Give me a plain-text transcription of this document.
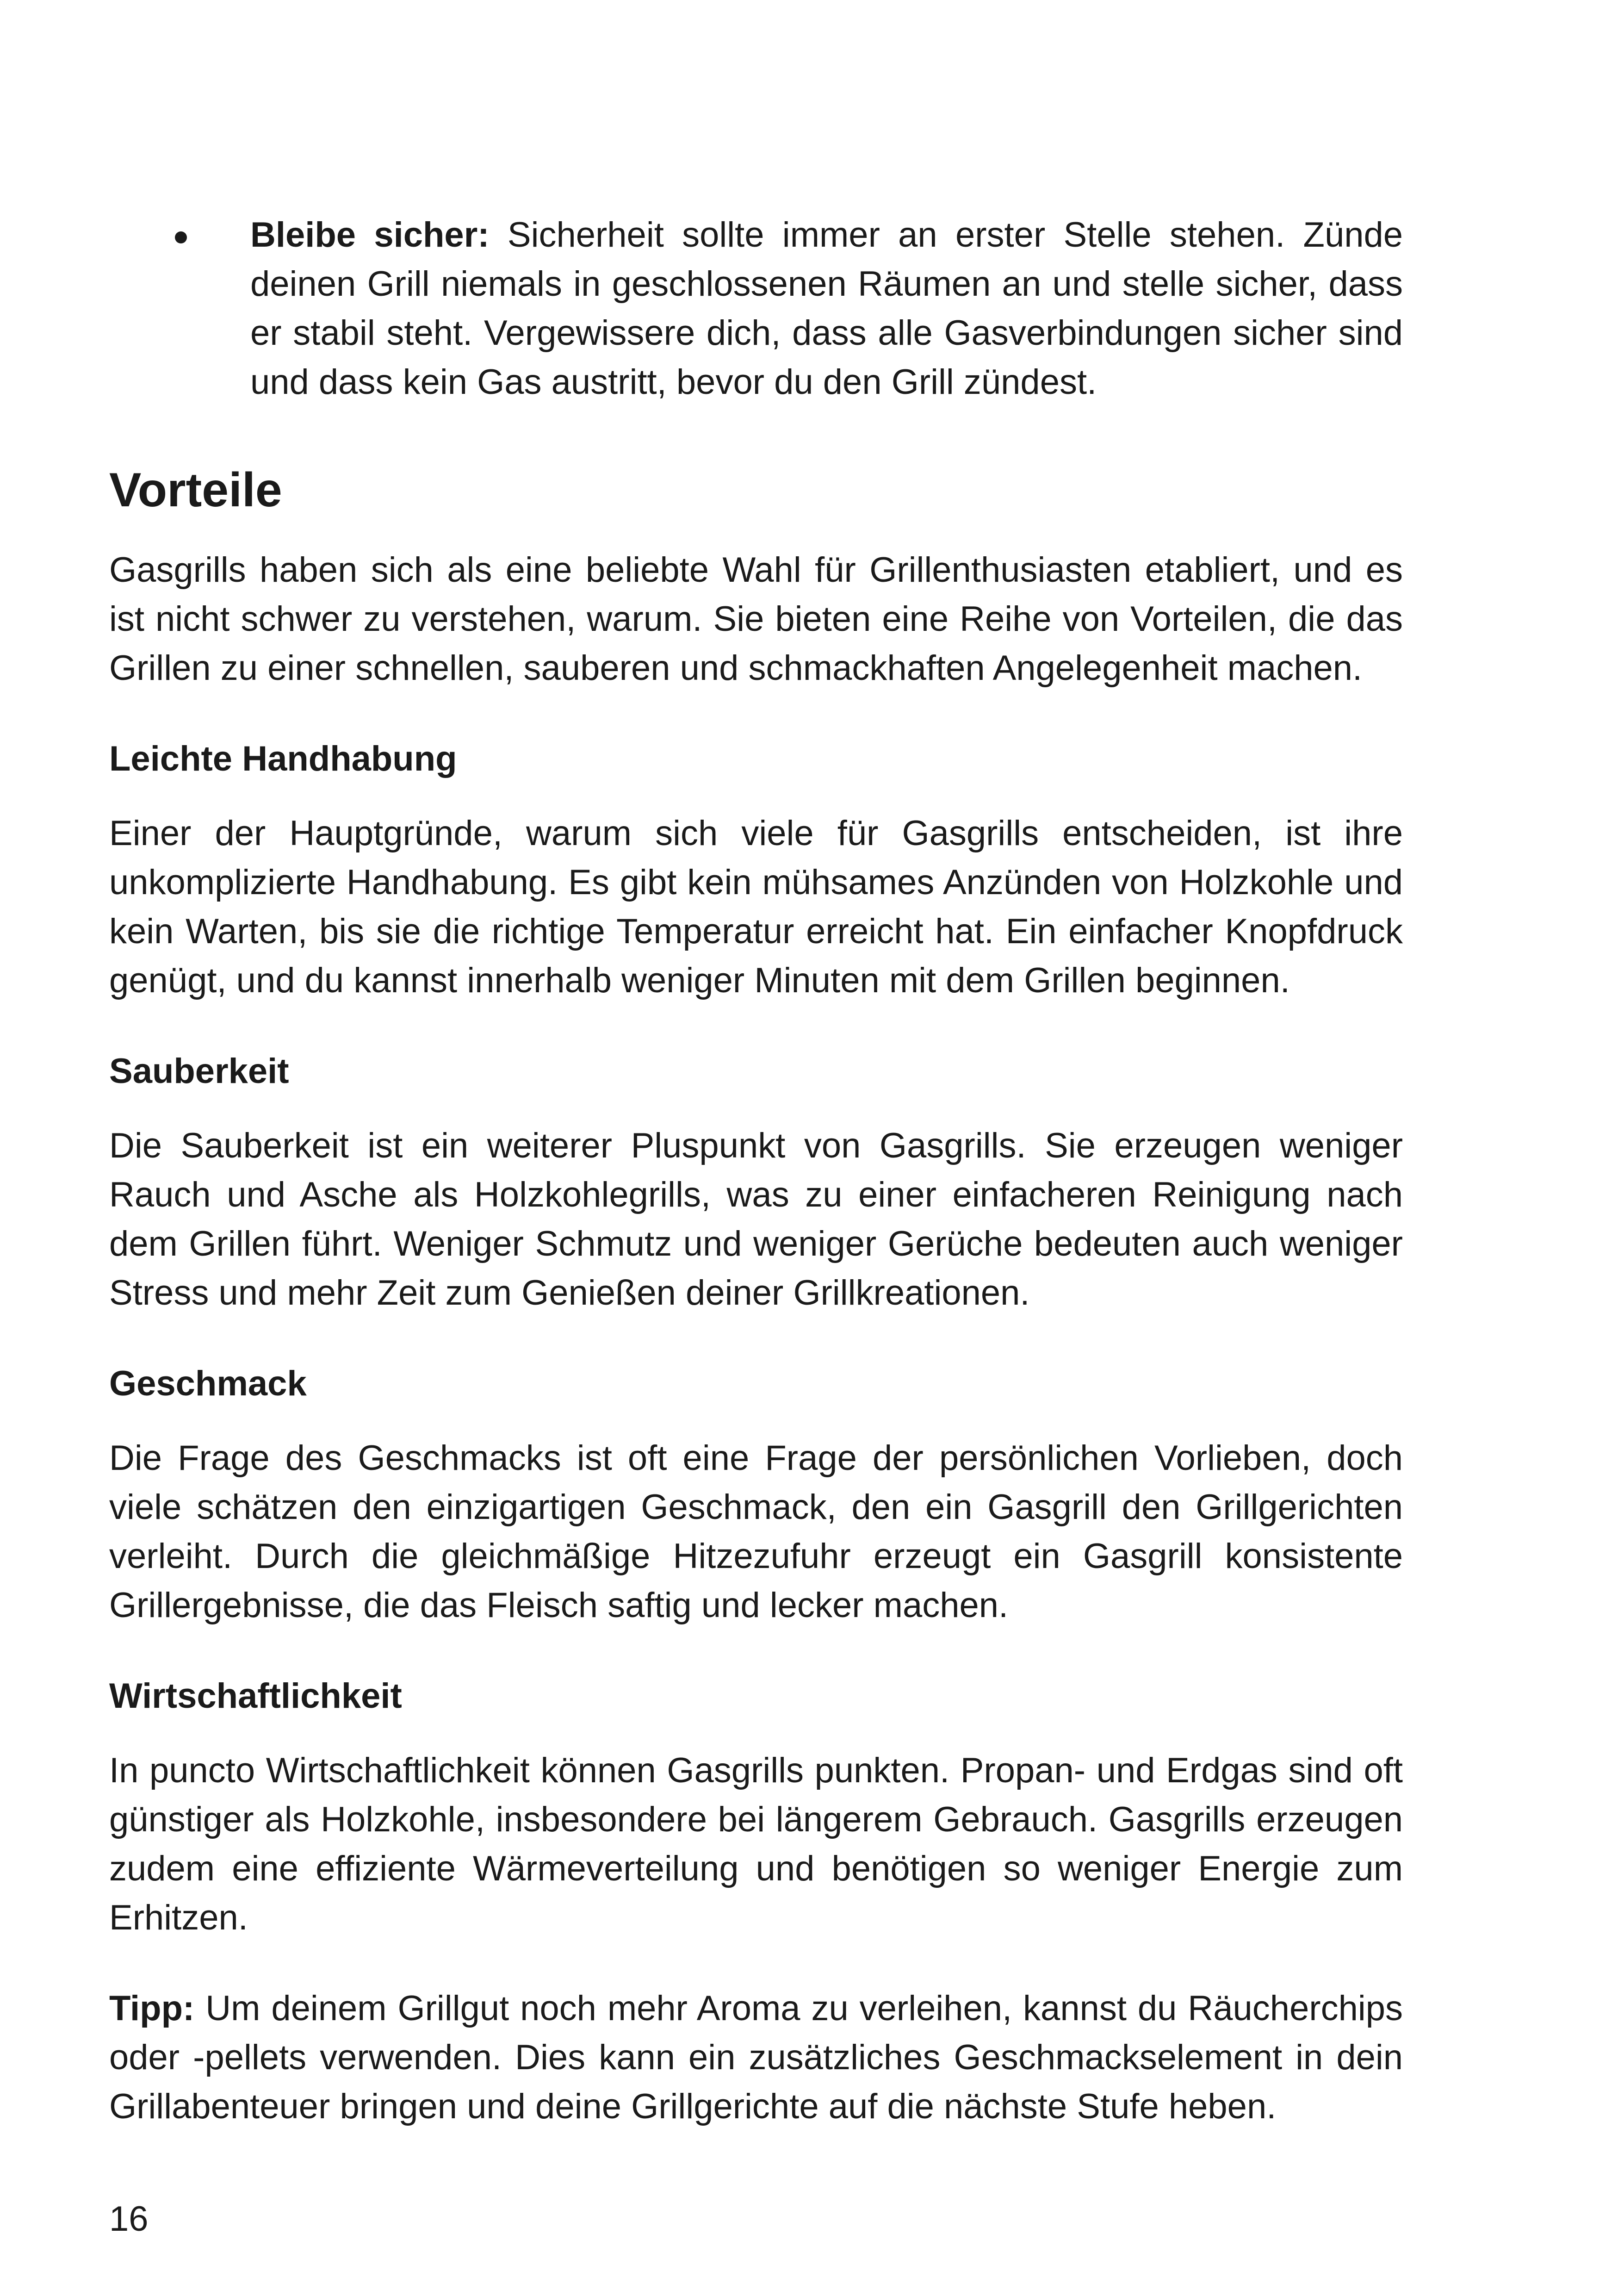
Bleibe sicher: Sicherheit sollte immer an erster Stelle stehen. Zünde deinen Grill niemals in geschlossenen Räumen an und stelle sicher, dass er stabil steht. Vergewissere dich, dass alle Gasverbindungen sicher sind und dass kein Gas austritt, bevor du den Grill zündest.

Vorteile

Gasgrills haben sich als eine beliebte Wahl für Grillenthusiasten etabliert, und es ist nicht schwer zu verstehen, warum. Sie bieten eine Reihe von Vorteilen, die das Grillen zu einer schnellen, sauberen und schmackhaften Angelegenheit machen.

Leichte Handhabung

Einer der Hauptgründe, warum sich viele für Gasgrills entscheiden, ist ihre unkomplizierte Handhabung. Es gibt kein mühsames Anzünden von Holzkohle und kein Warten, bis sie die richtige Temperatur erreicht hat. Ein einfacher Knopfdruck genügt, und du kannst innerhalb weniger Minuten mit dem Grillen beginnen.

Sauberkeit

Die Sauberkeit ist ein weiterer Pluspunkt von Gasgrills. Sie erzeugen weniger Rauch und Asche als Holzkohlegrills, was zu einer einfacheren Reinigung nach dem Grillen führt. Weniger Schmutz und weniger Gerüche bedeuten auch weniger Stress und mehr Zeit zum Genießen deiner Grillkreationen.

Geschmack

Die Frage des Geschmacks ist oft eine Frage der persönlichen Vorlieben, doch viele schätzen den einzigartigen Geschmack, den ein Gasgrill den Grillgerichten verleiht. Durch die gleichmäßige Hitzezufuhr erzeugt ein Gasgrill konsistente Grillergebnisse, die das Fleisch saftig und lecker machen.

Wirtschaftlichkeit

In puncto Wirtschaftlichkeit können Gasgrills punkten. Propan- und Erdgas sind oft günstiger als Holzkohle, insbesondere bei längerem Gebrauch. Gasgrills erzeugen zudem eine effiziente Wärmeverteilung und benötigen so weniger Energie zum Erhitzen.

Tipp: Um deinem Grillgut noch mehr Aroma zu verleihen, kannst du Räucherchips oder -pellets verwenden. Dies kann ein zusätzliches Geschmackselement in dein Grillabenteuer bringen und deine Grillgerichte auf die nächste Stufe heben.

16
